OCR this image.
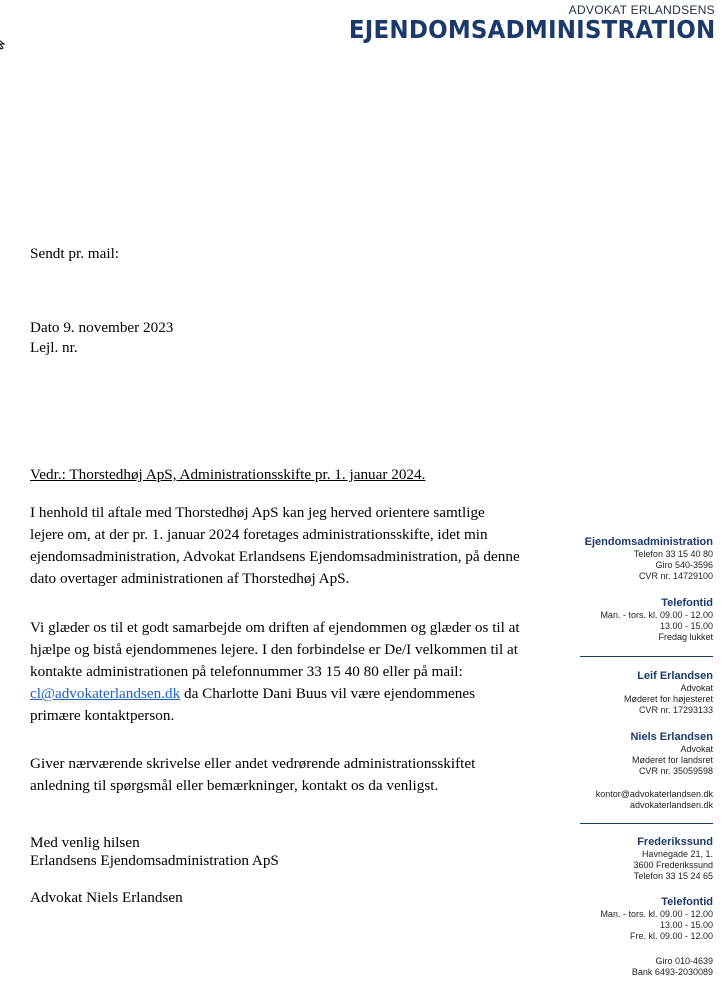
ADVOKAT ERLANDSENS
EJENDOMSADMINISTRATION
Sendt pr. mail:
Dato 9. november 2023
Lejl. nr.
Vedr.: Thorstedhøj ApS, Administrationsskifte pr. 1. januar 2024.
I henhold til aftale med Thorstedhøj ApS kan jeg herved orientere samtlige lejere om, at der pr. 1. januar 2024 foretages administrationsskifte, idet min ejendomsadministration, Advokat Erlandsens Ejendomsadministration, på denne dato overtager administrationen af Thorstedhøj ApS.
Vi glæder os til et godt samarbejde om driften af ejendommen og glæder os til at hjælpe og bistå ejendommenes lejere. I den forbindelse er De/I velkommen til at kontakte administrationen på telefonnummer 33 15 40 80 eller på mail: cl@advokaterlandsen.dk da Charlotte Dani Buus vil være ejendommenes primære kontaktperson.
Giver nærværende skrivelse eller andet vedrørende administrationsskiftet anledning til spørgsmål eller bemærkninger, kontakt os da venligst.
Med venlig hilsen
Erlandsens Ejendomsadministration ApS
Advokat Niels Erlandsen
Ejendomsadministration
Telefon 33 15 40 80
Giro 540-3596
CVR nr. 14729100
Telefontid
Man. - tors. kl. 09.00 - 12.00
13.00 - 15.00
Fredag lukket
Leif Erlandsen
Advokat
Møderet for højesteret
CVR nr. 17293133
Niels Erlandsen
Advokat
Møderet for landsret
CVR nr. 35059598
kontor@advokaterlandsen.dk
advokaterlandsen.dk
Frederikssund
Havnegade 21, 1.
3600 Frederikssund
Telefon 33 15 24 65
Telefontid
Man. - tors. kl. 09.00 - 12.00
13.00 - 15.00
Fre. kl. 09.00 - 12.00
Giro 010-4639
Bank 6493-2030089
